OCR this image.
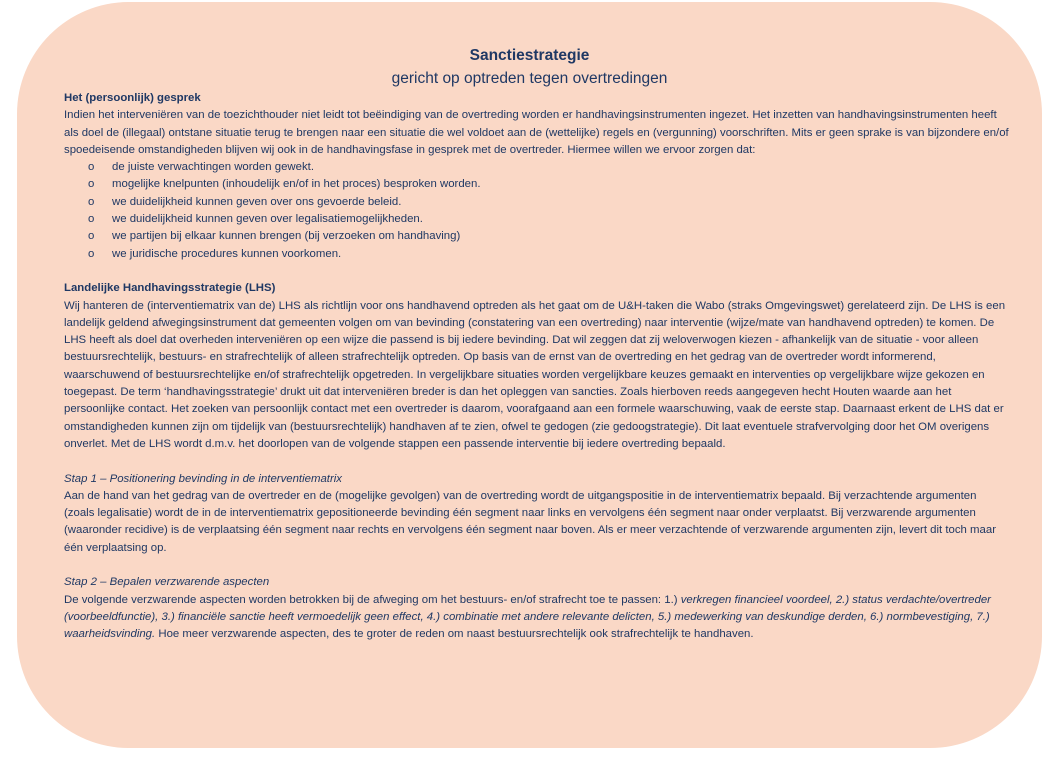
Sanctiestrategie
gericht op optreden tegen overtredingen

Het (persoonlijk) gesprek

Indien het interveniëren van de toezichthouder niet leidt tot beëindiging van de overtreding worden er handhavingsinstrumenten ingezet. Het inzetten van handhavingsinstrumenten heeft als doel de (illegaal) ontstane situatie terug te brengen naar een situatie die wel voldoet aan de (wettelijke) regels en (vergunning) voorschriften. Mits er geen sprake is van bijzondere en/of spoedeisende omstandigheden blijven wij ook in de handhavingsfase in gesprek met de overtreder. Hiermee willen we ervoor zorgen dat:

o de juiste verwachtingen worden gewekt.
o mogelijke knelpunten (inhoudelijk en/of in het proces) besproken worden.
o we duidelijkheid kunnen geven over ons gevoerde beleid.
o we duidelijkheid kunnen geven over legalisatiemogelijkheden.
o we partijen bij elkaar kunnen brengen (bij verzoeken om handhaving)
o we juridische procedures kunnen voorkomen.

Landelijke Handhavingsstrategie (LHS)

Wij hanteren de (interventiematrix van de) LHS als richtlijn voor ons handhavend optreden als het gaat om de U&H-taken die Wabo (straks Omgevingswet) gerelateerd zijn. De LHS is een landelijk geldend afwegingsinstrument dat gemeenten volgen om van bevinding (constatering van een overtreding) naar interventie (wijze/mate van handhavend optreden) te komen. De LHS heeft als doel dat overheden interveniëren op een wijze die passend is bij iedere bevinding. Dat wil zeggen dat zij weloverwogen kiezen - afhankelijk van de situatie - voor alleen bestuursrechtelijk, bestuurs- en strafrechtelijk of alleen strafrechtelijk optreden. Op basis van de ernst van de overtreding en het gedrag van de overtreder wordt informerend, waarschuwend of bestuursrechtelijke en/of strafrechtelijk opgetreden. In vergelijkbare situaties worden vergelijkbare keuzes gemaakt en interventies op vergelijkbare wijze gekozen en toegepast. De term ‘handhavingsstrategie’ drukt uit dat interveniëren breder is dan het opleggen van sancties. Zoals hierboven reeds aangegeven hecht Houten waarde aan het persoonlijke contact. Het zoeken van persoonlijk contact met een overtreder is daarom, voorafgaand aan een formele waarschuwing, vaak de eerste stap. Daarnaast erkent de LHS dat er omstandigheden kunnen zijn om tijdelijk van (bestuursrechtelijk) handhaven af te zien, ofwel te gedogen (zie gedoogstrategie). Dit laat eventuele strafvervolging door het OM overigens onverlet. Met de LHS wordt d.m.v. het doorlopen van de volgende stappen een passende interventie bij iedere overtreding bepaald.

Stap 1 – Positionering bevinding in de interventiematrix

Aan de hand van het gedrag van de overtreder en de (mogelijke gevolgen) van de overtreding wordt de uitgangspositie in de interventiematrix bepaald. Bij verzachtende argumenten (zoals legalisatie) wordt de in de interventiematrix gepositioneerde bevinding één segment naar links en vervolgens één segment naar onder verplaatst. Bij verzwarende argumenten (waaronder recidive) is de verplaatsing één segment naar rechts en vervolgens één segment naar boven. Als er meer verzachtende of verzwarende argumenten zijn, levert dit toch maar één verplaatsing op.

Stap 2 – Bepalen verzwarende aspecten

De volgende verzwarende aspecten worden betrokken bij de afweging om het bestuurs- en/of strafrecht toe te passen: 1.) verkregen financieel voordeel, 2.) status verdachte/overtreder (voorbeeldfunctie), 3.) financiële sanctie heeft vermoedelijk geen effect, 4.) combinatie met andere relevante delicten, 5.) medewerking van deskundige derden, 6.) normbevestiging, 7.) waarheidsvinding. Hoe meer verzwarende aspecten, des te groter de reden om naast bestuursrechtelijk ook strafrechtelijk te handhaven.
